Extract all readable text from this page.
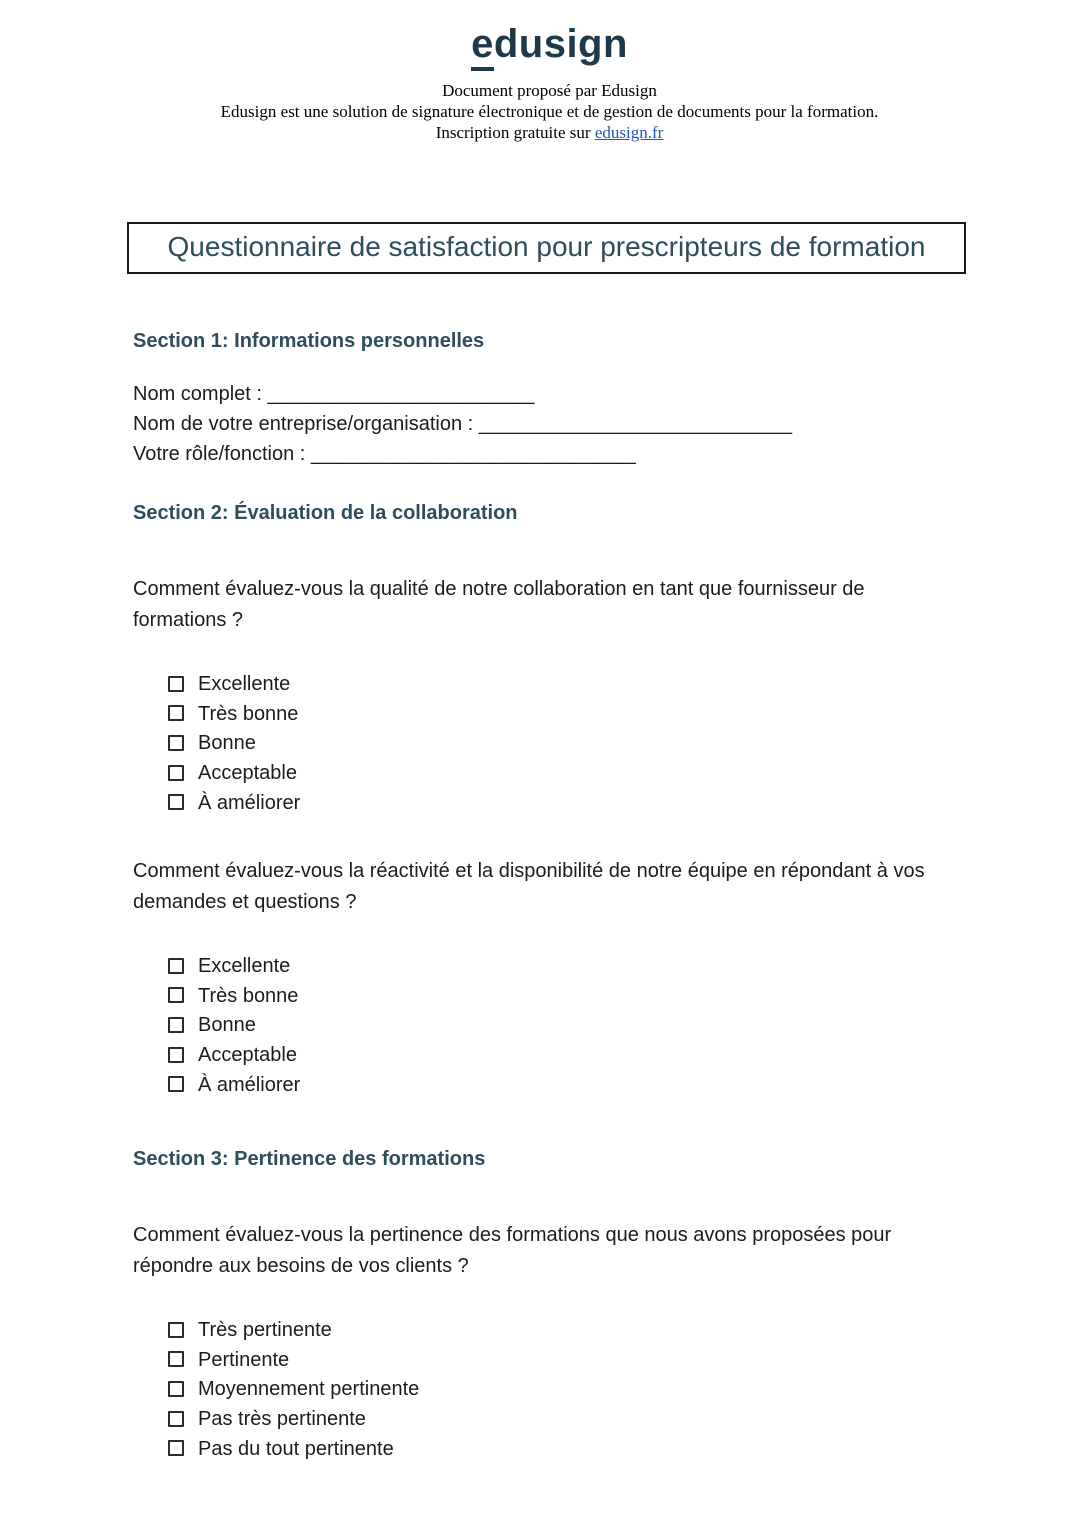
edusign
Document proposé par Edusign
Edusign est une solution de signature électronique et de gestion de documents pour la formation.
Inscription gratuite sur edusign.fr
Questionnaire de satisfaction pour prescripteurs de formation
Section 1: Informations personnelles
Nom complet : _______________________
Nom de votre entreprise/organisation : ___________________________
Votre rôle/fonction : ____________________________
Section 2: Évaluation de la collaboration
Comment évaluez-vous la qualité de notre collaboration en tant que fournisseur de formations ?
Excellente
Très bonne
Bonne
Acceptable
À améliorer
Comment évaluez-vous la réactivité et la disponibilité de notre équipe en répondant à vos demandes et questions ?
Excellente
Très bonne
Bonne
Acceptable
À améliorer
Section 3: Pertinence des formations
Comment évaluez-vous la pertinence des formations que nous avons proposées pour répondre aux besoins de vos clients ?
Très pertinente
Pertinente
Moyennement pertinente
Pas très pertinente
Pas du tout pertinente
